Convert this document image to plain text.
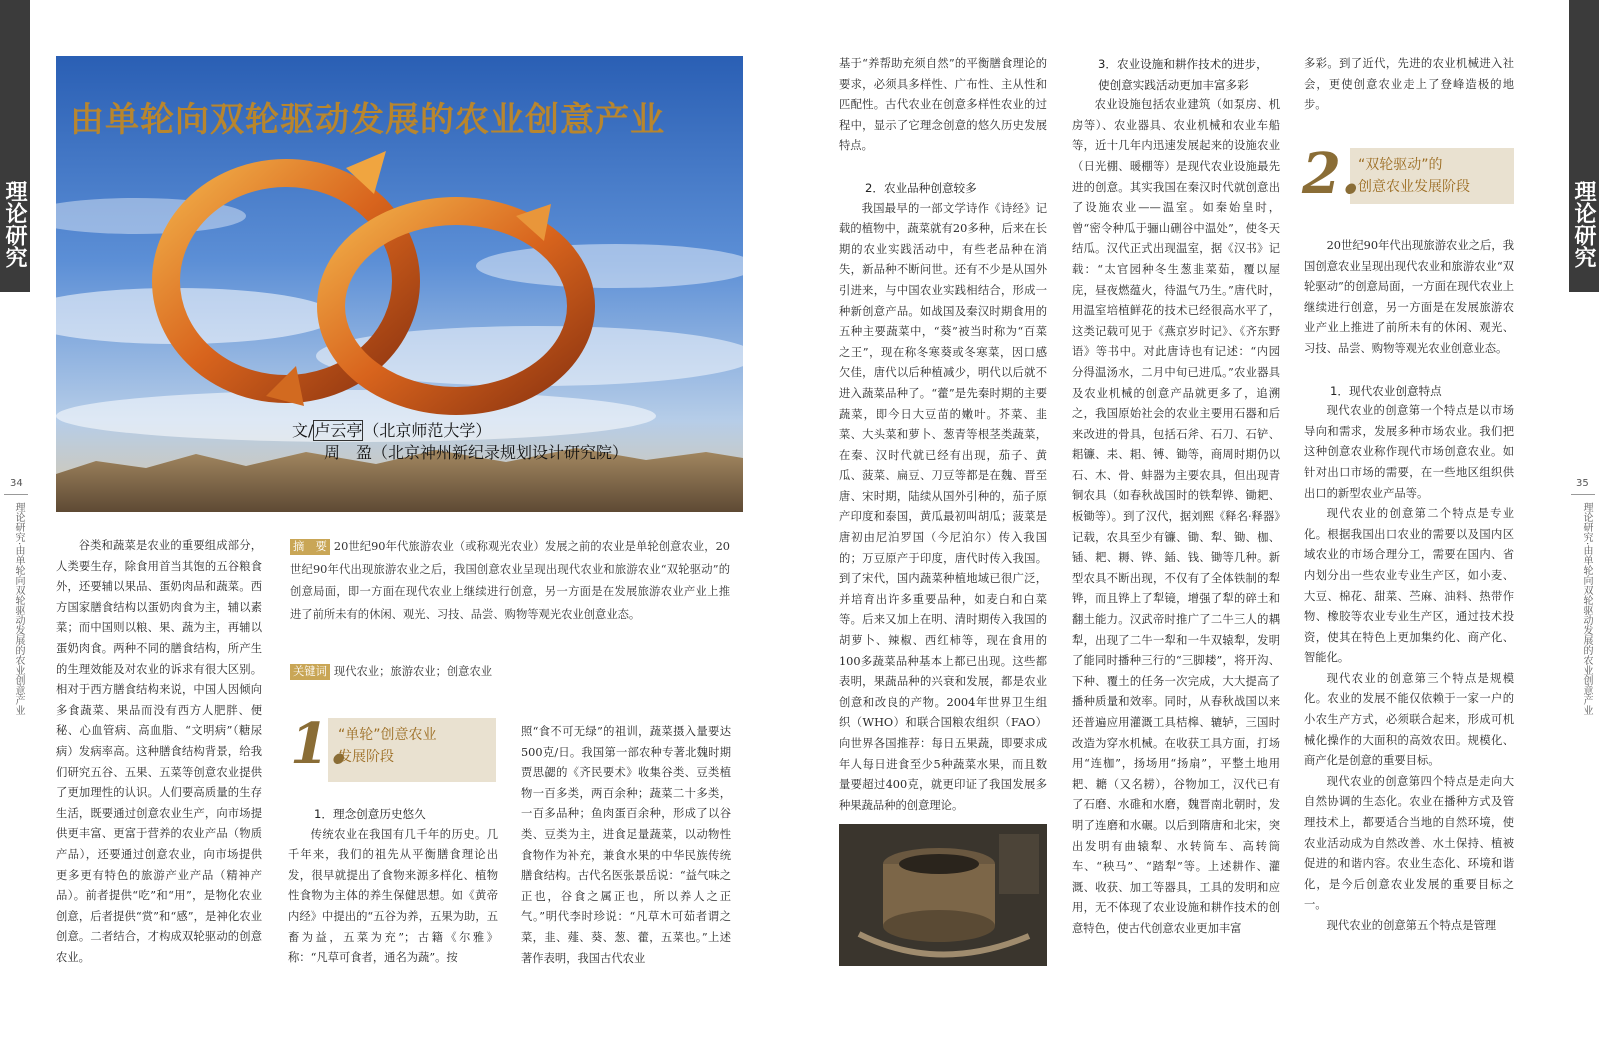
理论研究	理论研究
34	35
理论研究·由单轮向双轮驱动发展的农业创意产业	理论研究·由单轮向双轮驱动发展的农业创意产业
由单轮向双轮驱动发展的农业创意产业
文/卢云亭（北京师范大学）
周　盈（北京神州新纪录规划设计研究院）

谷类和蔬菜是农业的重要组成部分，人类要生存，除食用首当其饱的五谷粮食外，还要辅以果品、蛋奶肉品和蔬菜。西方国家膳食结构以蛋奶肉食为主，辅以素菜；而中国则以粮、果、蔬为主，再辅以蛋奶肉食。两种不同的膳食结构，所产生的生理效能及对农业的诉求有很大区别。相对于西方膳食结构来说，中国人因倾向多食蔬菜、果品而没有西方人肥胖、便秘、心血管病、高血脂、“文明病”（糖尿病）发病率高。这种膳食结构背景，给我们研究五谷、五果、五菜等创意农业提供了更加理性的认识。人们要高质量的生存生活，既要通过创意农业生产，向市场提供更丰富、更富于营养的农业产品（物质产品），还要通过创意农业，向市场提供更多更有特色的旅游产业产品（精神产品）。前者提供“吃”和“用”，是物化农业创意，后者提供“赏”和“感”，是神化农业创意。二者结合，才构成双轮驱动的创意农业。

摘　要 20世纪90年代旅游农业（或称观光农业）发展之前的农业是单轮创意农业，20世纪90年代出现旅游农业之后，我国创意农业呈现出现代农业和旅游农业“双轮驱动”的创意局面，即一方面在现代农业上继续进行创意，另一方面是在发展旅游农业产业上推进了前所未有的休闲、观光、习技、品尝、购物等观光农业创意业态。
关键词 现代农业；旅游农业；创意农业
1.
“单轮”创意农业
发展阶段
1．理念创意历史悠久

传统农业在我国有几千年的历史。几千年来，我们的祖先从平衡膳食理论出发，很早就提出了食物来源多样化、植物性食物为主体的养生保健思想。如《黄帝内经》中提出的“五谷为养，五果为助，五畜为益，五菜为充”；古籍《尔雅》称：“凡草可食者，通名为蔬”。按

照“食不可无绿”的祖训，蔬菜摄入量要达500克/日。我国第一部农种专著北魏时期贾思勰的《齐民要术》收集谷类、豆类植物一百多类，两百余种；蔬菜二十多类，一百多品种；鱼肉蛋百余种，形成了以谷类、豆类为主，进食足量蔬菜，以动物性食物作为补充，兼食水果的中华民族传统膳食结构。古代名医张景岳说：“益气味之正也，谷食之属正也，所以养人之正气。”明代李时珍说：“凡草木可茹者谓之菜，韭、薤、葵、葱、藿，五菜也。”上述著作表明，我国古代农业

基于“养帮助充须自然”的平衡膳食理论的要求，必须具多样性、广布性、主从性和匹配性。古代农业在创意多样性农业的过程中，显示了它理念创意的悠久历史发展特点。

2．农业品种创意较多

我国最早的一部文学诗作《诗经》记载的植物中，蔬菜就有20多种，后来在长期的农业实践活动中，有些老品种在消失，新品种不断问世。还有不少是从国外引进来，与中国农业实践相结合，形成一种新创意产品。如战国及秦汉时期食用的五种主要蔬菜中，“葵”被当时称为“百菜之王”，现在称冬寒葵或冬寒菜，因口感欠佳，唐代以后种植减少，明代以后就不进入蔬菜品种了。“藿”是先秦时期的主要蔬菜，即今日大豆苗的嫩叶。芥菜、韭菜、大头菜和萝卜、葱青等根茎类蔬菜，在秦、汉时代就已经有出现，茄子、黄瓜、菠菜、扁豆、刀豆等都是在魏、晋至唐、宋时期，陆续从国外引种的，茄子原产印度和泰国，黄瓜最初叫胡瓜；菠菜是唐初由尼泊罗国（今尼泊尔）传入我国的；万豆原产于印度，唐代时传入我国。到了宋代，国内蔬菜种植地域已很广泛，并培育出许多重要品种，如麦白和白菜等。后来又加上在明、清时期传入我国的胡萝卜、辣椒、西红柿等，现在食用的100多蔬菜品种基本上都已出现。这些都表明，果蔬品种的兴衰和发展，都是农业创意和改良的产物。2004年世界卫生组织（WHO）和联合国粮农组织（FAO）向世界各国推荐：每日五果蔬，即要求成年人每日进食至少5种蔬菜水果，而且数量要超过400克，就更印证了我国发展多种果蔬品种的创意理论。

3．农业设施和耕作技术的进步，
使创意实践活动更加丰富多彩

农业设施包括农业建筑（如泵房、机房等）、农业器具、农业机械和农业车船等，近十几年内迅速发展起来的设施农业（日光棚、暖棚等）是现代农业设施最先进的创意。其实我国在秦汉时代就创意出了设施农业——温室。如秦始皇时，曾“密令种瓜于骊山硎谷中温处”，使冬天结瓜。汉代正式出现温室，据《汉书》记载：“太官园种冬生葱韭菜茹，覆以屋庑，昼夜燃蕴火，待温气乃生。”唐代时，用温室培植鲜花的技术已经很高水平了，这类记载可见于《燕京岁时记》、《齐东野语》等书中。对此唐诗也有记述：“内园分得温汤水，二月中旬已进瓜。”农业器具及农业机械的创意产品就更多了，追溯之，我国原始社会的农业主要用石器和后来改进的骨具，包括石斧、石刀、石铲、耜镰、耒、耜、镈、锄等，商周时期仍以石、木、骨、蚌器为主要农具，但出现青铜农具（如春秋战国时的铁犁铧、锄耙、板锄等）。到了汉代，据刘熙《释名·释器》记载，农具至少有镰、锄、犁、锄、枷、锸、耙、耨、铧、鍤、钱、锄等几种。新型农具不断出现，不仅有了全体铁制的犁铧，而且铧上了犁镜，增强了犁的碎土和翻土能力。汉武帝时推广了二牛三人的耦犁，出现了二牛一犁和一牛双辕犁，发明了能同时播种三行的“三脚耧”，将开沟、下种、覆土的任务一次完成，大大提高了播种质量和效率。同时，从春秋战国以来还普遍应用灌溉工具桔槔、辘轳，三国时改造为穿水机械。在收获工具方面，打场用“连枷”，扬场用“扬扇”，平整土地用耙、耱（又名耢），谷物加工，汉代已有了石磨、水碓和水磨，魏晋南北朝时，发明了连磨和水碾。以后到隋唐和北宋，突出发明有曲辕犁、水转筒车、高转筒车、“秧马”、“踏犁”等。上述耕作、灌溉、收获、加工等器具，工具的发明和应用，无不体现了农业设施和耕作技术的创意特色，使古代创意农业更加丰富

多彩。到了近代，先进的农业机械进入社会，更使创意农业走上了登峰造极的地步。

2.
“双轮驱动”的
创意农业发展阶段

20世纪90年代出现旅游农业之后，我国创意农业呈现出现代农业和旅游农业“双轮驱动”的创意局面，一方面在现代农业上继续进行创意，另一方面是在发展旅游农业产业上推进了前所未有的休闲、观光、习技、品尝、购物等观光农业创意业态。

1．现代农业创意特点

现代农业的创意第一个特点是以市场导向和需求，发展多种市场农业。我们把这种创意农业称作现代市场创意农业。如针对出口市场的需要，在一些地区组织供出口的新型农业产品等。

现代农业的创意第二个特点是专业化。根据我国出口农业的需要以及国内区域农业的市场合理分工，需要在国内、省内划分出一些农业专业生产区，如小麦、大豆、棉花、甜菜、苎麻、油料、热带作物、橡胶等农业专业生产区，通过技术投资，使其在特色上更加集约化、商产化、智能化。

现代农业的创意第三个特点是规模化。农业的发展不能仅依赖于一家一户的小农生产方式，必须联合起来，形成可机械化操作的大面积的高效农田。规模化、商产化是创意的重要目标。

现代农业的创意第四个特点是走向大自然协调的生态化。农业在播种方式及管理技术上，都要适合当地的自然环境，使农业活动成为自然改善、水土保持、植被促进的和谐内容。农业生态化、环境和谐化，是今后创意农业发展的重要目标之一。

现代农业的创意第五个特点是管理
